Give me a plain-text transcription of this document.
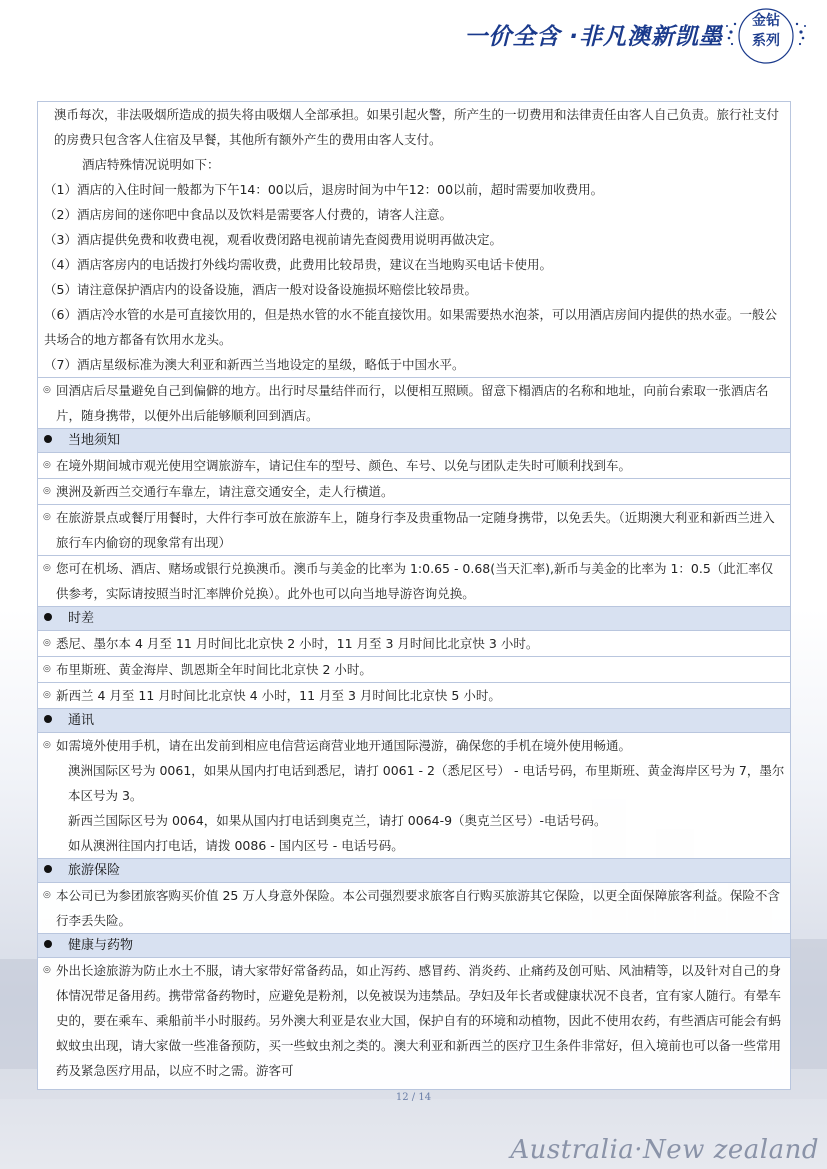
一价全含 ·非凡澳新凯墨
金钻
系列
澳币每次，非法吸烟所造成的损失将由吸烟人全部承担。如果引起火警，所产生的一切费用和法律责任由客人自己负责。旅行社支付的房费只包含客人住宿及早餐，其他所有额外产生的费用由客人支付。
酒店特殊情况说明如下：
（1）酒店的入住时间一般都为下午14：00以后，退房时间为中午12：00以前，超时需要加收费用。
（2）酒店房间的迷你吧中食品以及饮料是需要客人付费的，请客人注意。
（3）酒店提供免费和收费电视，观看收费闭路电视前请先查阅费用说明再做决定。
（4）酒店客房内的电话拨打外线均需收费，此费用比较昂贵，建议在当地购买电话卡使用。
（5）请注意保护酒店内的设备设施，酒店一般对设备设施损坏赔偿比较昂贵。
（6）酒店冷水管的水是可直接饮用的，但是热水管的水不能直接饮用。如果需要热水泡茶，可以用酒店房间内提供的热水壶。一般公共场合的地方都备有饮用水龙头。
（7）酒店星级标准为澳大利亚和新西兰当地设定的星级，略低于中国水平。
◎ 回酒店后尽量避免自己到偏僻的地方。出行时尽量结伴而行，以便相互照顾。留意下榻酒店的名称和地址，向前台索取一张酒店名片，随身携带，以便外出后能够顺利回到酒店。
当地须知
◎ 在境外期间城市观光使用空调旅游车，请记住车的型号、颜色、车号、以免与团队走失时可顺利找到车。
◎ 澳洲及新西兰交通行车靠左，请注意交通安全，走人行横道。
◎ 在旅游景点或餐厅用餐时，大件行李可放在旅游车上，随身行李及贵重物品一定随身携带，以免丢失。（近期澳大利亚和新西兰进入旅行车内偷窃的现象常有出现）
◎ 您可在机场、酒店、赌场或银行兑换澳币。澳币与美金的比率为 1:0.65 - 0.68(当天汇率),新币与美金的比率为 1：0.5（此汇率仅供参考，实际请按照当时汇率牌价兑换）。此外也可以向当地导游咨询兑换。
时差
◎ 悉尼、墨尔本 4 月至 11 月时间比北京快 2 小时，11 月至 3 月时间比北京快 3 小时。
◎ 布里斯班、黄金海岸、凯恩斯全年时间比北京快 2 小时。
◎ 新西兰 4 月至 11 月时间比北京快 4 小时，11 月至 3 月时间比北京快 5 小时。
通讯
◎ 如需境外使用手机，请在出发前到相应电信营运商营业地开通国际漫游，确保您的手机在境外使用畅通。
澳洲国际区号为 0061，如果从国内打电话到悉尼，请打 0061 - 2（悉尼区号） - 电话号码，布里斯班、黄金海岸区号为 7，墨尔本区号为 3。
新西兰国际区号为 0064，如果从国内打电话到奥克兰，请打 0064-9（奥克兰区号）-电话号码。
如从澳洲往国内打电话，请拨 0086 - 国内区号 - 电话号码。
旅游保险
◎ 本公司已为参团旅客购买价值 25 万人身意外保险。本公司强烈要求旅客自行购买旅游其它保险，以更全面保障旅客利益。保险不含行李丢失险。
健康与药物
◎ 外出长途旅游为防止水土不服，请大家带好常备药品，如止泻药、感冒药、消炎药、止痛药及创可贴、风油精等，以及针对自己的身体情况带足备用药。携带常备药物时，应避免是粉剂，以免被误为违禁品。孕妇及年长者或健康状况不良者，宜有家人随行。有晕车史的，要在乘车、乘船前半小时服药。另外澳大利亚是农业大国，保护自有的环境和动植物，因此不使用农药，有些酒店可能会有蚂蚁蚊虫出现，请大家做一些准备预防，买一些蚊虫剂之类的。澳大利亚和新西兰的医疗卫生条件非常好，但入境前也可以备一些常用药及紧急医疗用品，以应不时之需。游客可
12 / 14
Australia·New zealand
